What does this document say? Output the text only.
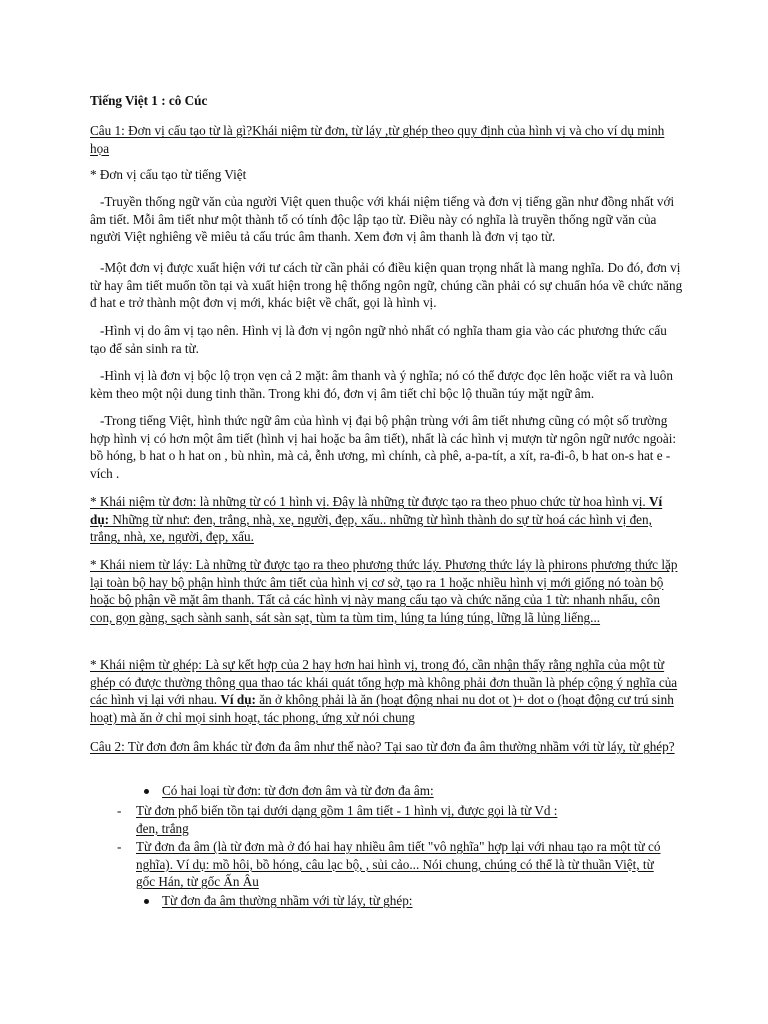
Tiếng Việt 1 : cô Cúc

Câu 1: Đơn vị cấu tạo từ là gì?Khái niệm từ đơn, từ láy ,từ ghép theo quy định của hình vị và cho ví dụ minh họa

* Đơn vị cấu tạo từ tiếng Việt

-Truyền thống ngữ văn của người Việt quen thuộc với khái niệm tiếng và đơn vị tiếng gần như đồng nhất với âm tiết. Mỗi âm tiết như một thành tố có tính độc lập tạo từ. Điều này có nghĩa là truyền thống ngữ văn của người Việt nghiêng về miêu tả cấu trúc âm thanh. Xem đơn vị âm thanh là đơn vị tạo từ.

-Một đơn vị được xuất hiện với tư cách từ cần phải có điều kiện quan trọng nhất là mang nghĩa. Do đó, đơn vị từ hay âm tiết muốn tồn tại và xuất hiện trong hệ thống ngôn ngữ, chúng cần phải có sự chuẩn hóa về chức năng đ hat e trở thành một đơn vị mới, khác biệt về chất, gọi là hình vị.

-Hình vị do âm vị tạo nên. Hình vị là đơn vị ngôn ngữ nhỏ nhất có nghĩa tham gia vào các phương thức cấu tạo để sản sinh ra từ.

-Hình vị là đơn vị bộc lộ trọn vẹn cả 2 mặt: âm thanh và ý nghĩa; nó có thể được đọc lên hoặc viết ra và luôn kèm theo một nội dung tinh thần. Trong khi đó, đơn vị âm tiết chỉ bộc lộ thuần túy mặt ngữ âm.

-Trong tiếng Việt, hình thức ngữ âm của hình vị đại bộ phận trùng với âm tiết nhưng cũng có một số trường hợp hình vị có hơn một âm tiết (hình vị hai hoặc ba âm tiết), nhất là các hình vị mượn từ ngôn ngữ nước ngoài: bồ hóng, b hat o h hat on , bù nhìn, mà cả, ễnh ương, mì chính, cà phê, a-pa-tít, a xít, ra-đi-ô, b hat on-s hat e - vích .

* Khái niệm từ đơn: là những từ có 1 hình vị. Đây là những từ được tạo ra theo phuo chức từ hoa hình vị. Ví dụ: Những từ như: đen, trắng, nhà, xe, người, đẹp, xấu.. những từ hình thành do sự từ hoá các hình vị đen, trắng, nhà, xe, người, đẹp, xấu.

* Khái niem từ láy: Là những từ được tạo ra theo phương thức láy. Phương thức láy là phirons phương thức lặp lại toàn bộ hay bộ phận hình thức âm tiết của hình vị cơ sở, tạo ra 1 hoặc nhiều hình vị mới giống nó toàn bộ hoặc bộ phận về mặt âm thanh. Tất cả các hình vị này mang cấu tạo và chức năng của 1 từ: nhanh nhẩu, côn con, gọn gàng, sạch sành sanh, sát sàn sạt, tùm ta tùm tim, lúng ta lúng túng, lững lã lủng liếng...

* Khái niệm từ ghép: Là sự kết hợp của 2 hay hơn hai hình vị, trong đó, cần nhận thấy rằng nghĩa của một từ ghép có được thường thông qua thao tác khái quát tổng hợp mà không phải đơn thuần là phép cộng ý nghĩa của các hình vị lại với nhau. Ví dụ: ăn ở không phải là ăn (hoạt động nhai nu dot ot )+ dot o (hoạt động cư trú sinh hoạt) mà ăn ở chỉ mọi sinh hoạt, tác phong, ứng xử nói chung

Câu 2: Từ đơn đơn âm khác từ đơn đa âm như thế nào? Tại sao từ đơn đa âm thường nhầm với từ láy, từ ghép?

Có hai loại từ đơn: từ đơn đơn âm và từ đơn đa âm:

- Từ đơn phổ biến tồn tại dưới dạng gồm 1 âm tiết - 1 hình vị, được gọi là từ Vd : đen, trắng

- Từ đơn đa âm (là từ đơn mà ở đó hai hay nhiều âm tiết "vô nghĩa" hợp lại với nhau tạo ra một từ có nghĩa). Ví dụ: mồ hôi, bồ hóng, câu lạc bộ, , sủi cảo... Nói chung, chúng có thể là từ thuần Việt, từ gốc Hán, từ gốc Ấn Âu

Từ đơn đa âm thường nhầm với từ láy, từ ghép:
